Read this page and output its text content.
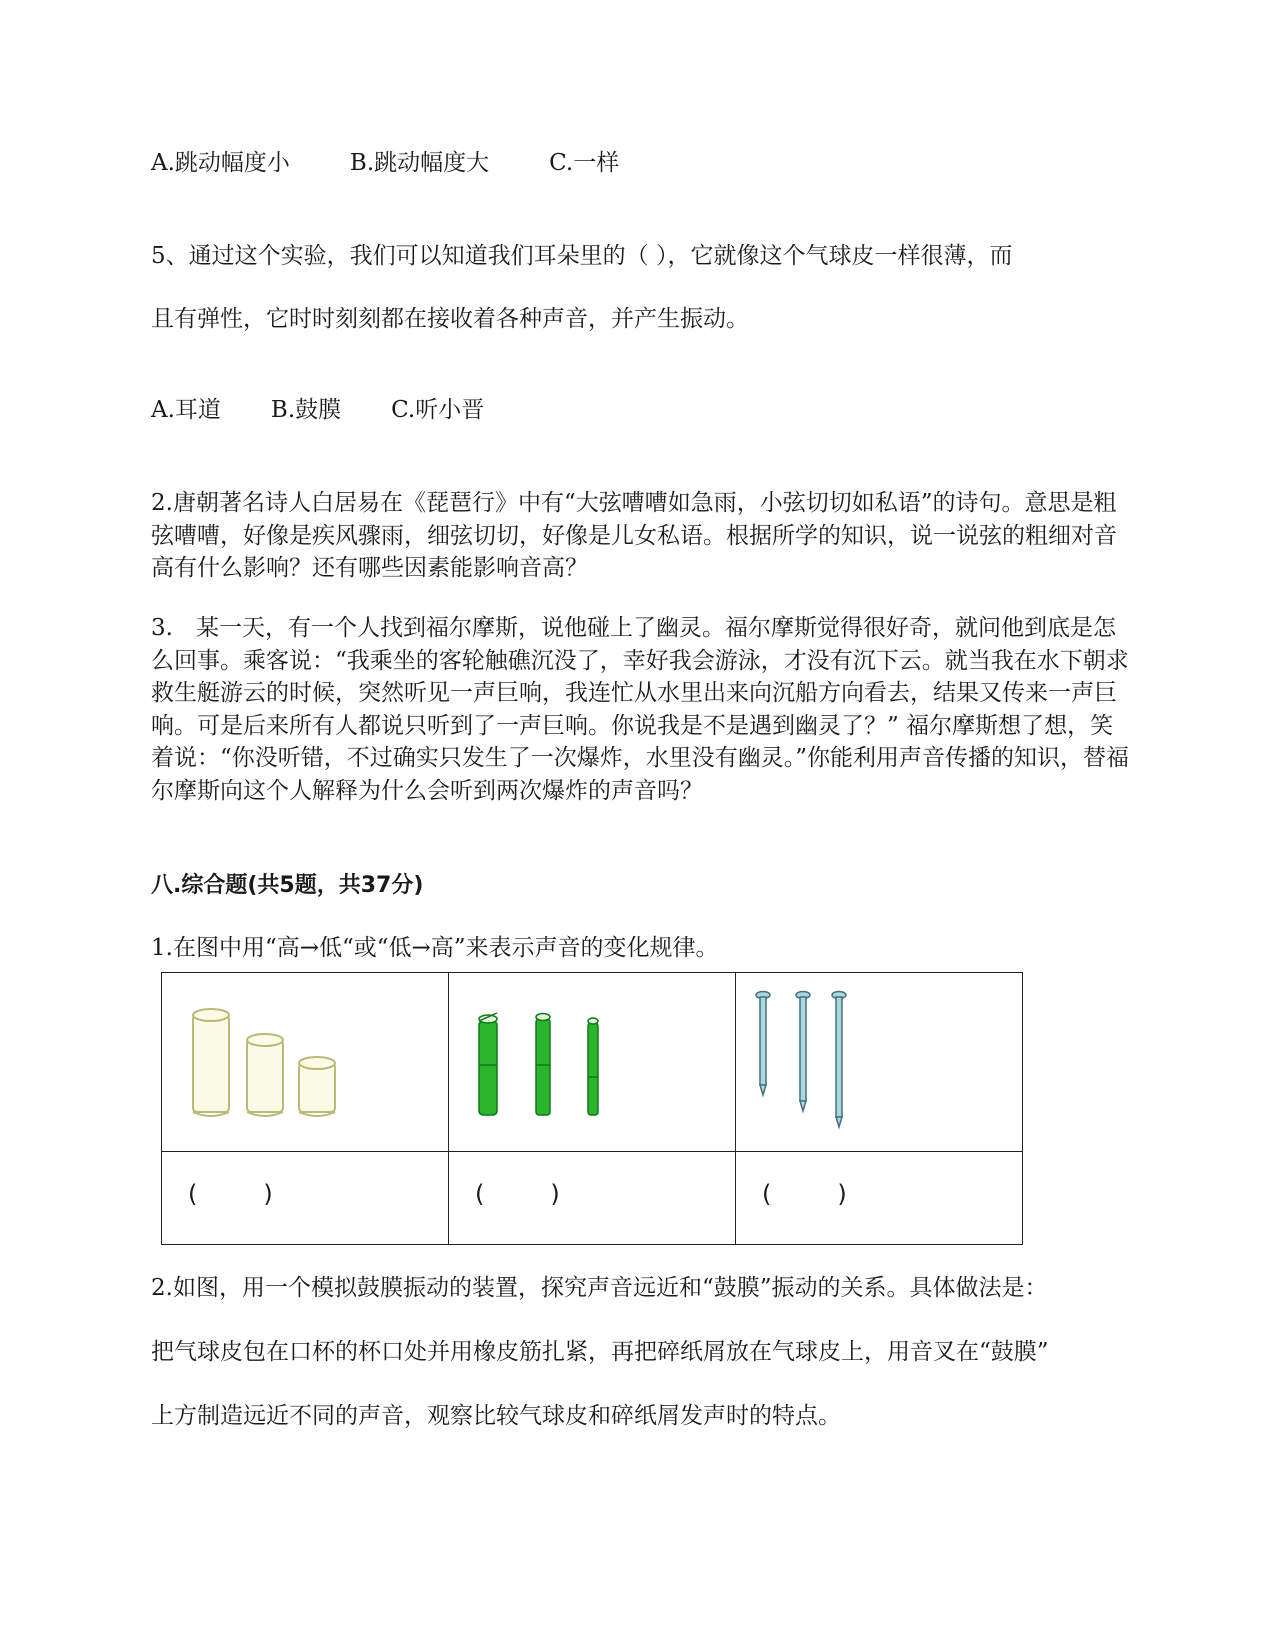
A.跳动幅度小	B.跳动幅度大	C.一样
5、通过这个实验，我们可以知道我们耳朵里的（ ），它就像这个气球皮一样很薄，而
且有弹性，它时时刻刻都在接收着各种声音，并产生振动。
A.耳道 B.鼓膜 C.听小晋
2.唐朝著名诗人白居易在《琵琶行》中有“大弦嘈嘈如急雨，小弦切切如私语”的诗句。意思是粗弦嘈嘈，好像是疾风骤雨，细弦切切，好像是儿女私语。根据所学的知识，说一说弦的粗细对音高有什么影响？还有哪些因素能影响音高？
3.　某一天，有一个人找到福尔摩斯，说他碰上了幽灵。福尔摩斯觉得很好奇，就问他到底是怎么回事。乘客说：“我乘坐的客轮触礁沉没了，幸好我会游泳，才没有沉下云。就当我在水下朝求救生艇游云的时候，突然听见一声巨响，我连忙从水里出来向沉船方向看去，结果又传来一声巨响。可是后来所有人都说只听到了一声巨响。你说我是不是遇到幽灵了？” 福尔摩斯想了想，笑着说：“你没听错，不过确实只发生了一次爆炸，水里没有幽灵。”你能利用声音传播的知识，替福尔摩斯向这个人解释为什么会听到两次爆炸的声音吗？
八.综合题(共5题，共37分)
1.在图中用“高→低“或“低→高”来表示声音的变化规律。

( )	( )	( )
2.如图，用一个模拟鼓膜振动的装置，探究声音远近和“鼓膜”振动的关系。具体做法是：
把气球皮包在口杯的杯口处并用橡皮筋扎紧，再把碎纸屑放在气球皮上，用音叉在“鼓膜”
上方制造远近不同的声音，观察比较气球皮和碎纸屑发声时的特点。
